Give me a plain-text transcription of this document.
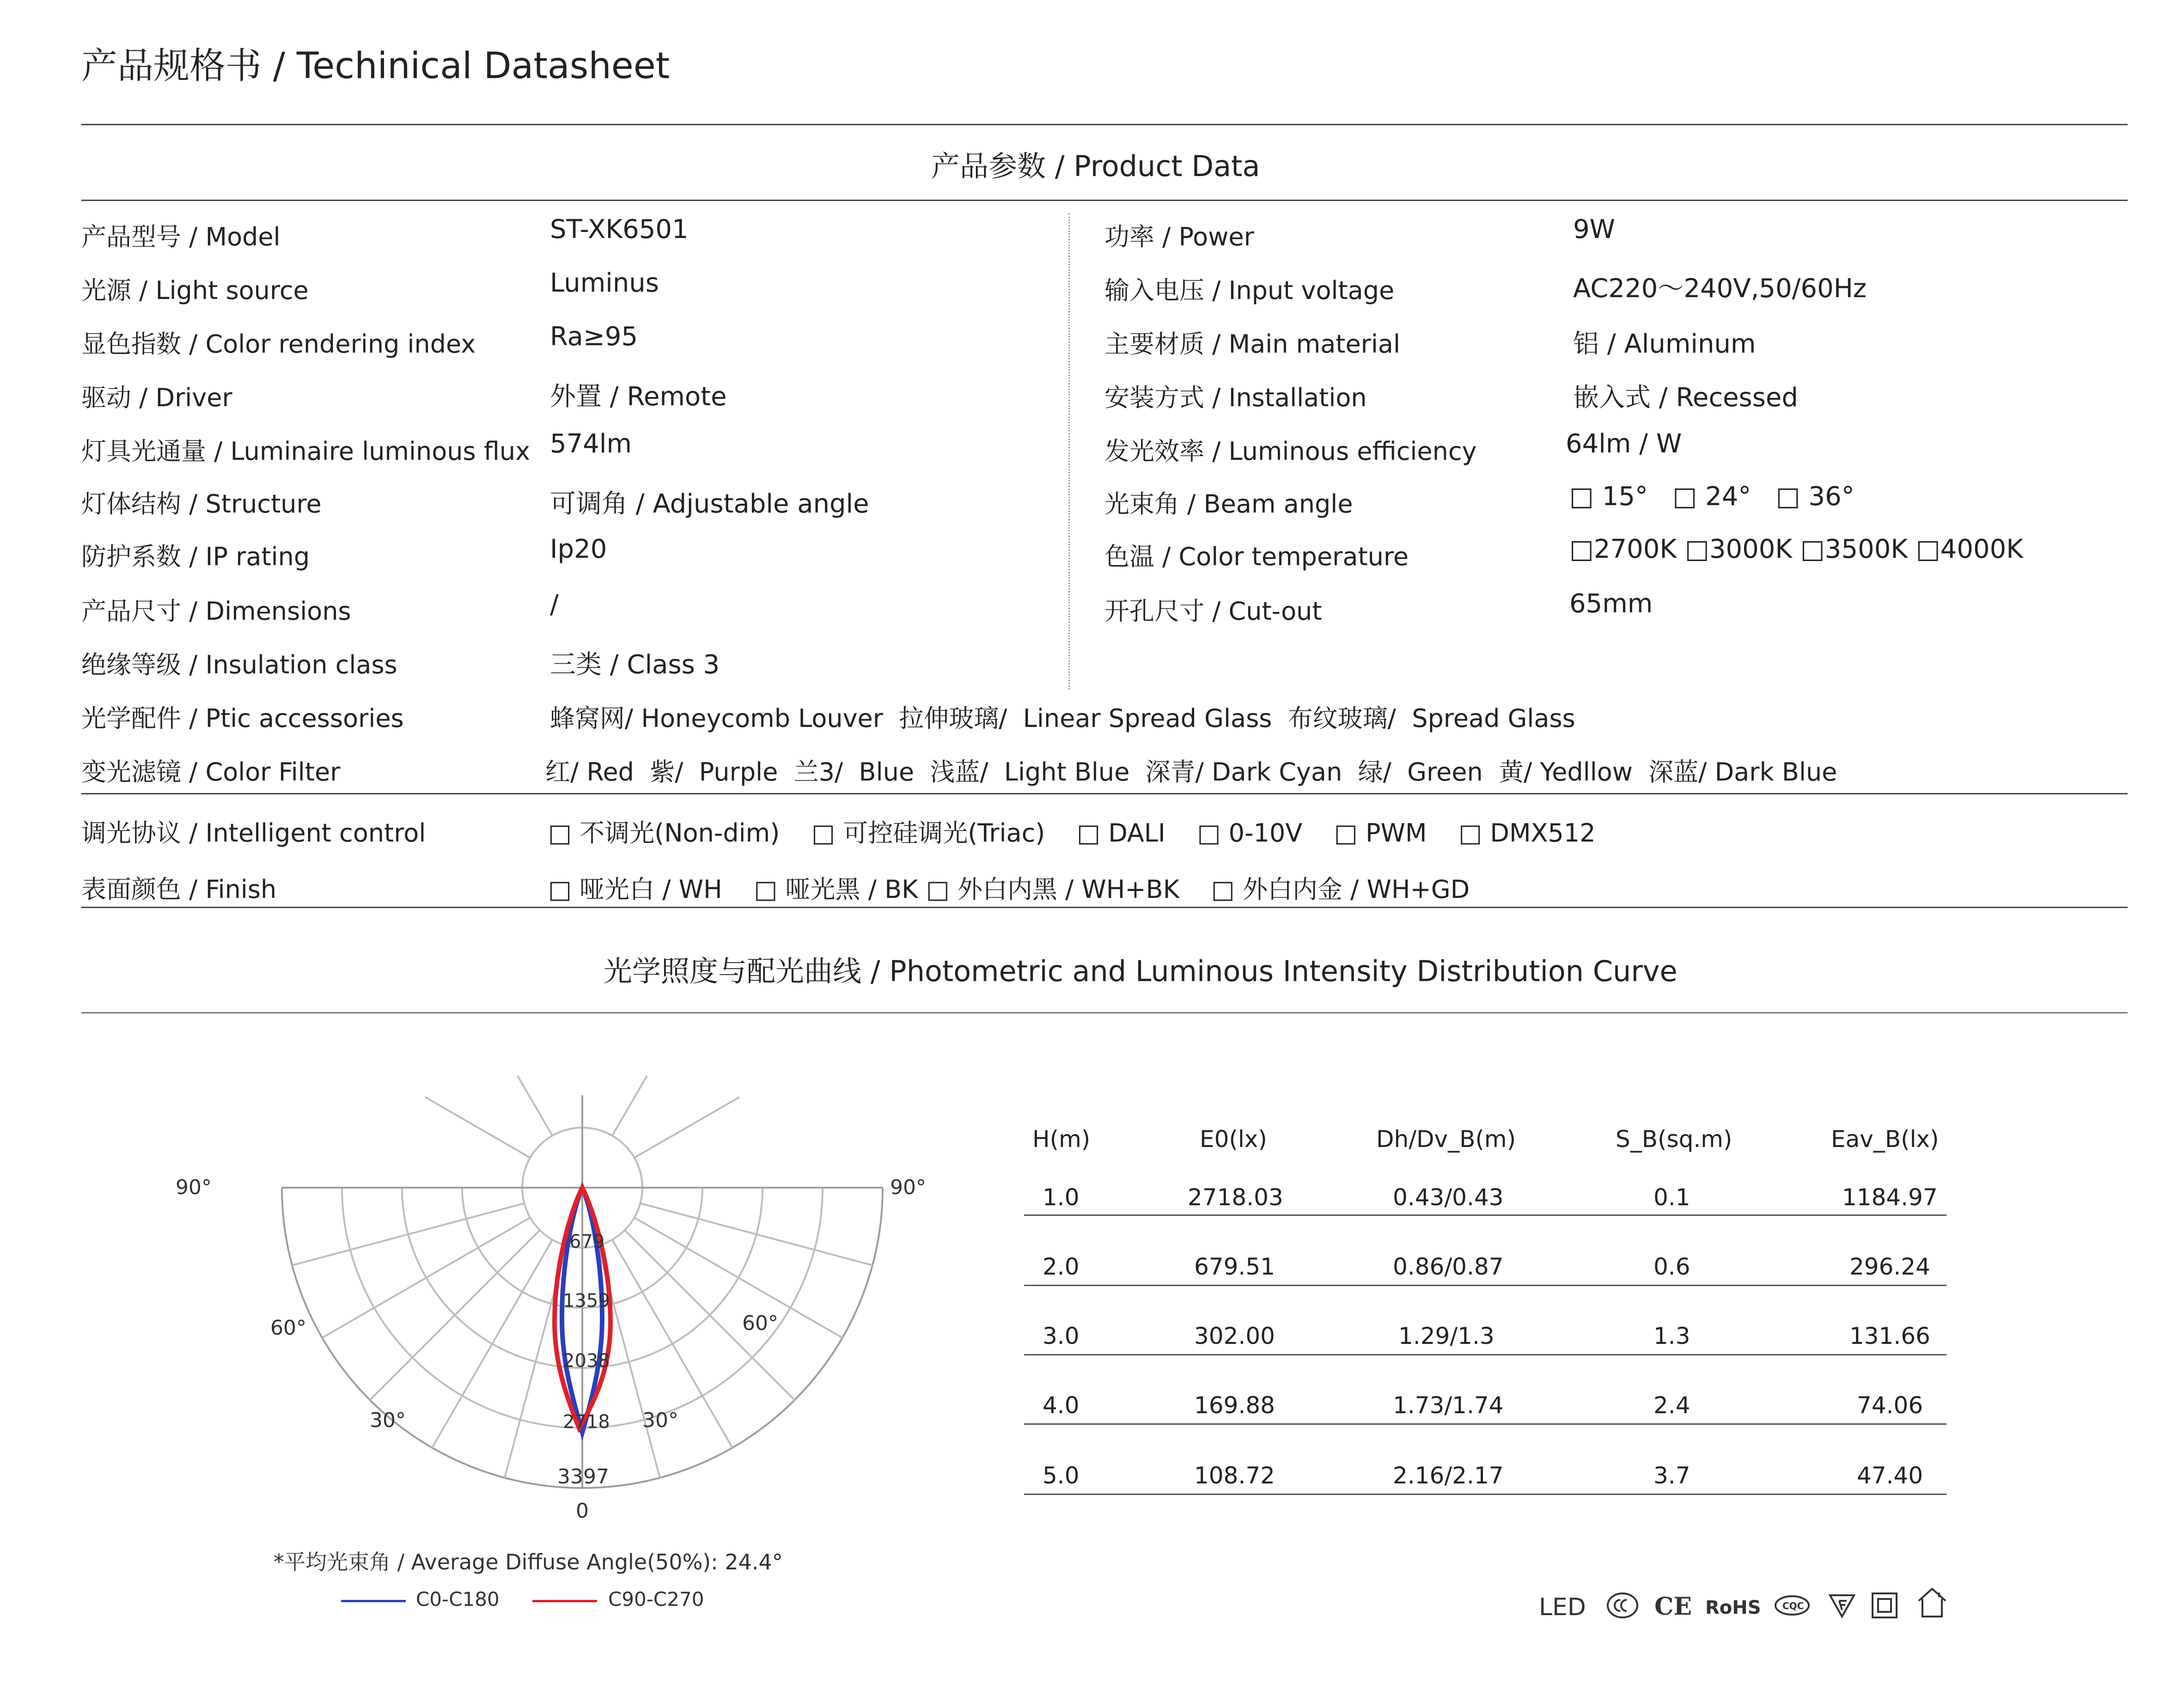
产品规格书 / Techinical Datasheet
产品参数 / Product Data
产品型号 / Model	ST-XK6501
光源 / Light source	Luminus
显色指数 / Color rendering index	Ra≥95
驱动 / Driver	外置 / Remote
灯具光通量 / Luminaire luminous flux 574lm
灯体结构 / Structure	可调角 / Adjustable angle
防护系数 / IP rating	Ip20
产品尺寸 / Dimensions	/
绝缘等级 / Insulation class	三类 / Class 3
功率 / Power	9W
输入电压 / Input voltage	AC220～240V,50/60Hz
主要材质 / Main material	铝 / Aluminum
安装方式 / Installation	嵌入式 / Recessed
发光效率 / Luminous efficiency	64lm / W
光束角 / Beam angle	□ 15°   □ 24°   □ 36°
色温 / Color temperature	□2700K □3000K □3500K □4000K
开孔尺寸 / Cut-out	65mm
光学配件 / Ptic accessories	蜂窝网/ Honeycomb Louver  拉伸玻璃/  Linear Spread Glass  布纹玻璃/  Spread Glass
变光滤镜 / Color Filter	红/ Red  紫/  Purple  兰3/  Blue  浅蓝/  Light Blue  深青/ Dark Cyan  绿/  Green  黄/ Yedllow  深蓝/ Dark Blue
调光协议 / Intelligent control	□ 不调光(Non-dim)    □ 可控硅调光(Triac)    □ DALI    □ 0-10V    □ PWM    □ DMX512
表面颜色 / Finish	□ 哑光白 / WH    □ 哑光黑 / BK □ 外白内黑 / WH+BK    □ 外白内金 / WH+GD
光学照度与配光曲线 / Photometric and Luminous Intensity Distribution Curve
90°	90°
60°	60°
30°	30°
0
679
1359
2038
2718
3397
*平均光束角 / Average Diffuse Angle(50%): 24.4°
C0-C180	C90-C270
H(m)	E0(lx)	Dh/Dv_B(m)	S_B(sq.m)	Eav_B(lx)
1.0	2718.03	0.43/0.43	0.1	1184.97
2.0	679.51	0.86/0.87	0.6	296.24
3.0	302.00	1.29/1.3	1.3	131.66
4.0	169.88	1.73/1.74	2.4	74.06
5.0	108.72	2.16/2.17	3.7	47.40
LED	CE RoHS CQC
